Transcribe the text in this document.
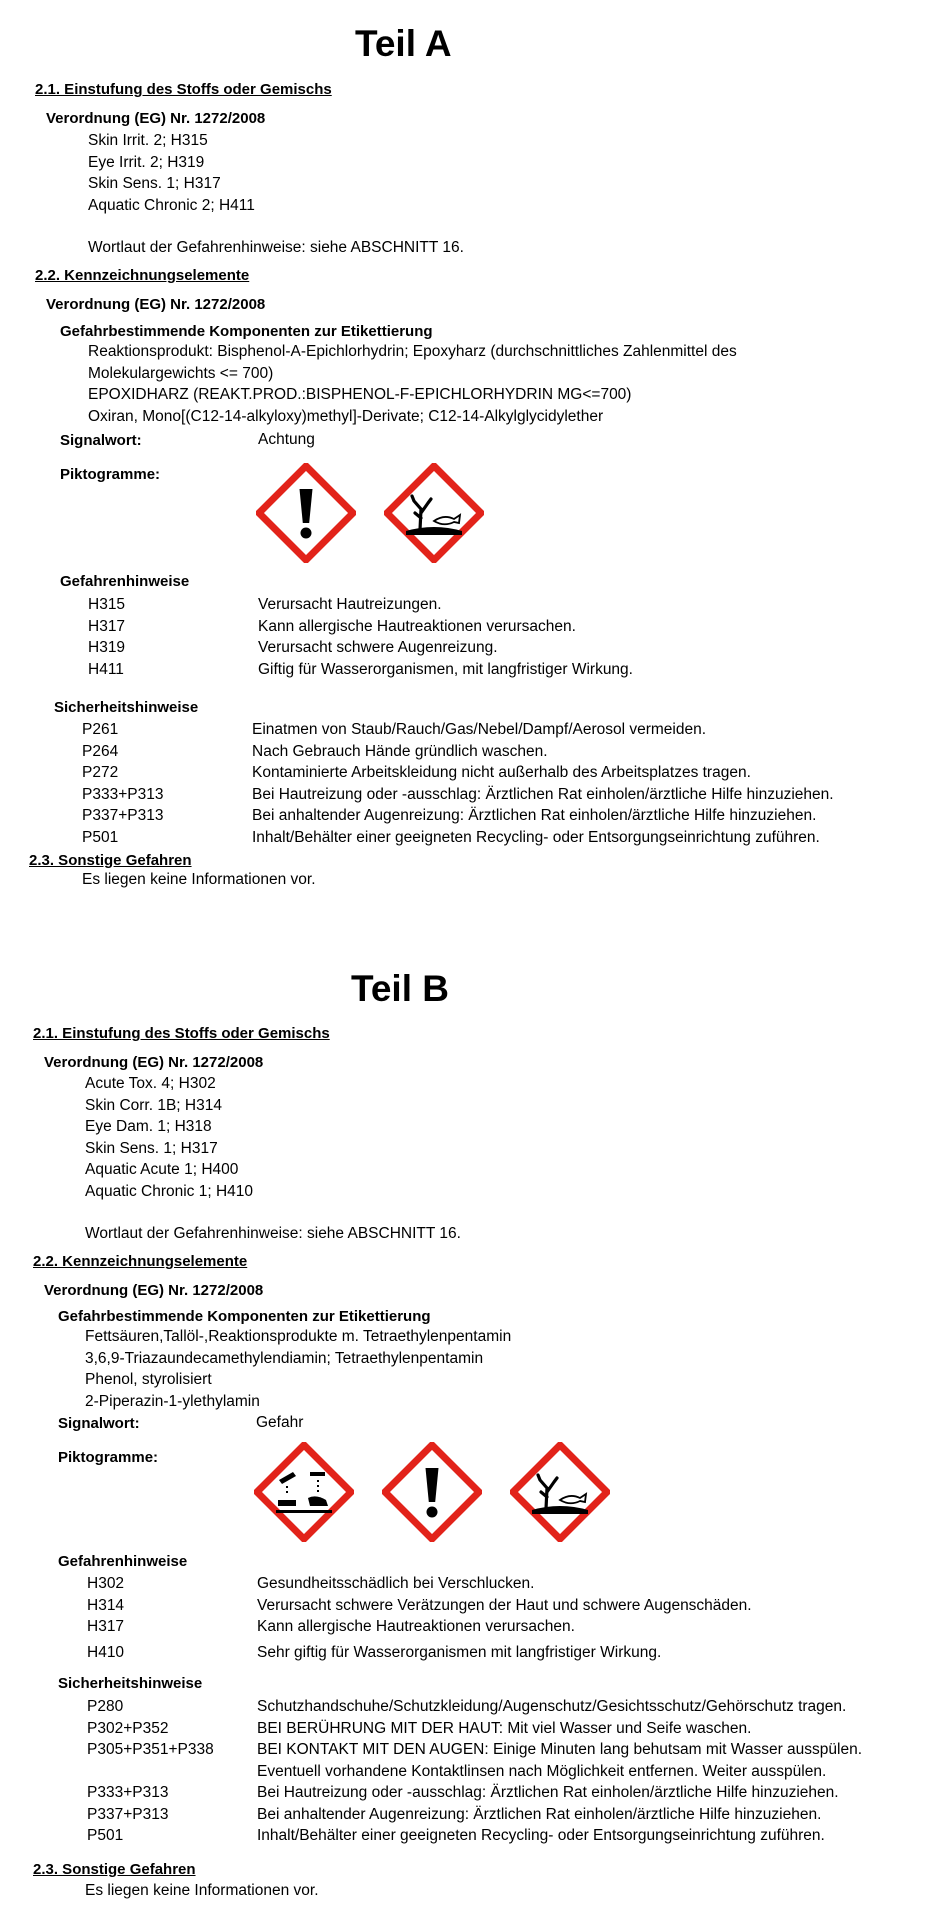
Teil A
2.1. Einstufung des Stoffs oder Gemischs
Verordnung (EG) Nr. 1272/2008
Skin Irrit. 2; H315
Eye Irrit. 2; H319
Skin Sens. 1; H317
Aquatic Chronic 2; H411
Wortlaut der Gefahrenhinweise: siehe ABSCHNITT 16.
2.2. Kennzeichnungselemente
Verordnung (EG) Nr. 1272/2008
Gefahrbestimmende Komponenten zur Etikettierung
Reaktionsprodukt: Bisphenol-A-Epichlorhydrin; Epoxyharz (durchschnittliches Zahlenmittel des
Molekulargewichts <= 700)
EPOXIDHARZ (REAKT.PROD.:BISPHENOL-F-EPICHLORHYDRIN MG<=700)
Oxiran, Mono[(C12-14-alkyloxy)methyl]-Derivate; C12-14-Alkylglycidylether
Signalwort:	Achtung
Piktogramme:
Gefahrenhinweise
H315	Verursacht Hautreizungen.
H317	Kann allergische Hautreaktionen verursachen.
H319	Verursacht schwere Augenreizung.
H411	Giftig für Wasserorganismen, mit langfristiger Wirkung.
Sicherheitshinweise
P261	Einatmen von Staub/Rauch/Gas/Nebel/Dampf/Aerosol vermeiden.
P264	Nach Gebrauch Hände gründlich waschen.
P272	Kontaminierte Arbeitskleidung nicht außerhalb des Arbeitsplatzes tragen.
P333+P313	Bei Hautreizung oder -ausschlag: Ärztlichen Rat einholen/ärztliche Hilfe hinzuziehen.
P337+P313	Bei anhaltender Augenreizung: Ärztlichen Rat einholen/ärztliche Hilfe hinzuziehen.
P501	Inhalt/Behälter einer geeigneten Recycling- oder Entsorgungseinrichtung zuführen.
2.3. Sonstige Gefahren
Es liegen keine Informationen vor.
Teil B
2.1. Einstufung des Stoffs oder Gemischs
Verordnung (EG) Nr. 1272/2008
Acute Tox. 4; H302
Skin Corr. 1B; H314
Eye Dam. 1; H318
Skin Sens. 1; H317
Aquatic Acute 1; H400
Aquatic Chronic 1; H410
Wortlaut der Gefahrenhinweise: siehe ABSCHNITT 16.
2.2. Kennzeichnungselemente
Verordnung (EG) Nr. 1272/2008
Gefahrbestimmende Komponenten zur Etikettierung
Fettsäuren,Tallöl-,Reaktionsprodukte m. Tetraethylenpentamin
3,6,9-Triazaundecamethylendiamin; Tetraethylenpentamin
Phenol, styrolisiert
2-Piperazin-1-ylethylamin
Signalwort:	Gefahr
Piktogramme:
Gefahrenhinweise
H302	Gesundheitsschädlich bei Verschlucken.
H314	Verursacht schwere Verätzungen der Haut und schwere Augenschäden.
H317	Kann allergische Hautreaktionen verursachen.
H410	Sehr giftig für Wasserorganismen mit langfristiger Wirkung.
Sicherheitshinweise
P280	Schutzhandschuhe/Schutzkleidung/Augenschutz/Gesichtsschutz/Gehörschutz tragen.
P302+P352	BEI BERÜHRUNG MIT DER HAUT: Mit viel Wasser und Seife waschen.
P305+P351+P338	BEI KONTAKT MIT DEN AUGEN: Einige Minuten lang behutsam mit Wasser ausspülen.
Eventuell vorhandene Kontaktlinsen nach Möglichkeit entfernen. Weiter ausspülen.
P333+P313	Bei Hautreizung oder -ausschlag: Ärztlichen Rat einholen/ärztliche Hilfe hinzuziehen.
P337+P313	Bei anhaltender Augenreizung: Ärztlichen Rat einholen/ärztliche Hilfe hinzuziehen.
P501	Inhalt/Behälter einer geeigneten Recycling- oder Entsorgungseinrichtung zuführen.
2.3. Sonstige Gefahren
Es liegen keine Informationen vor.
